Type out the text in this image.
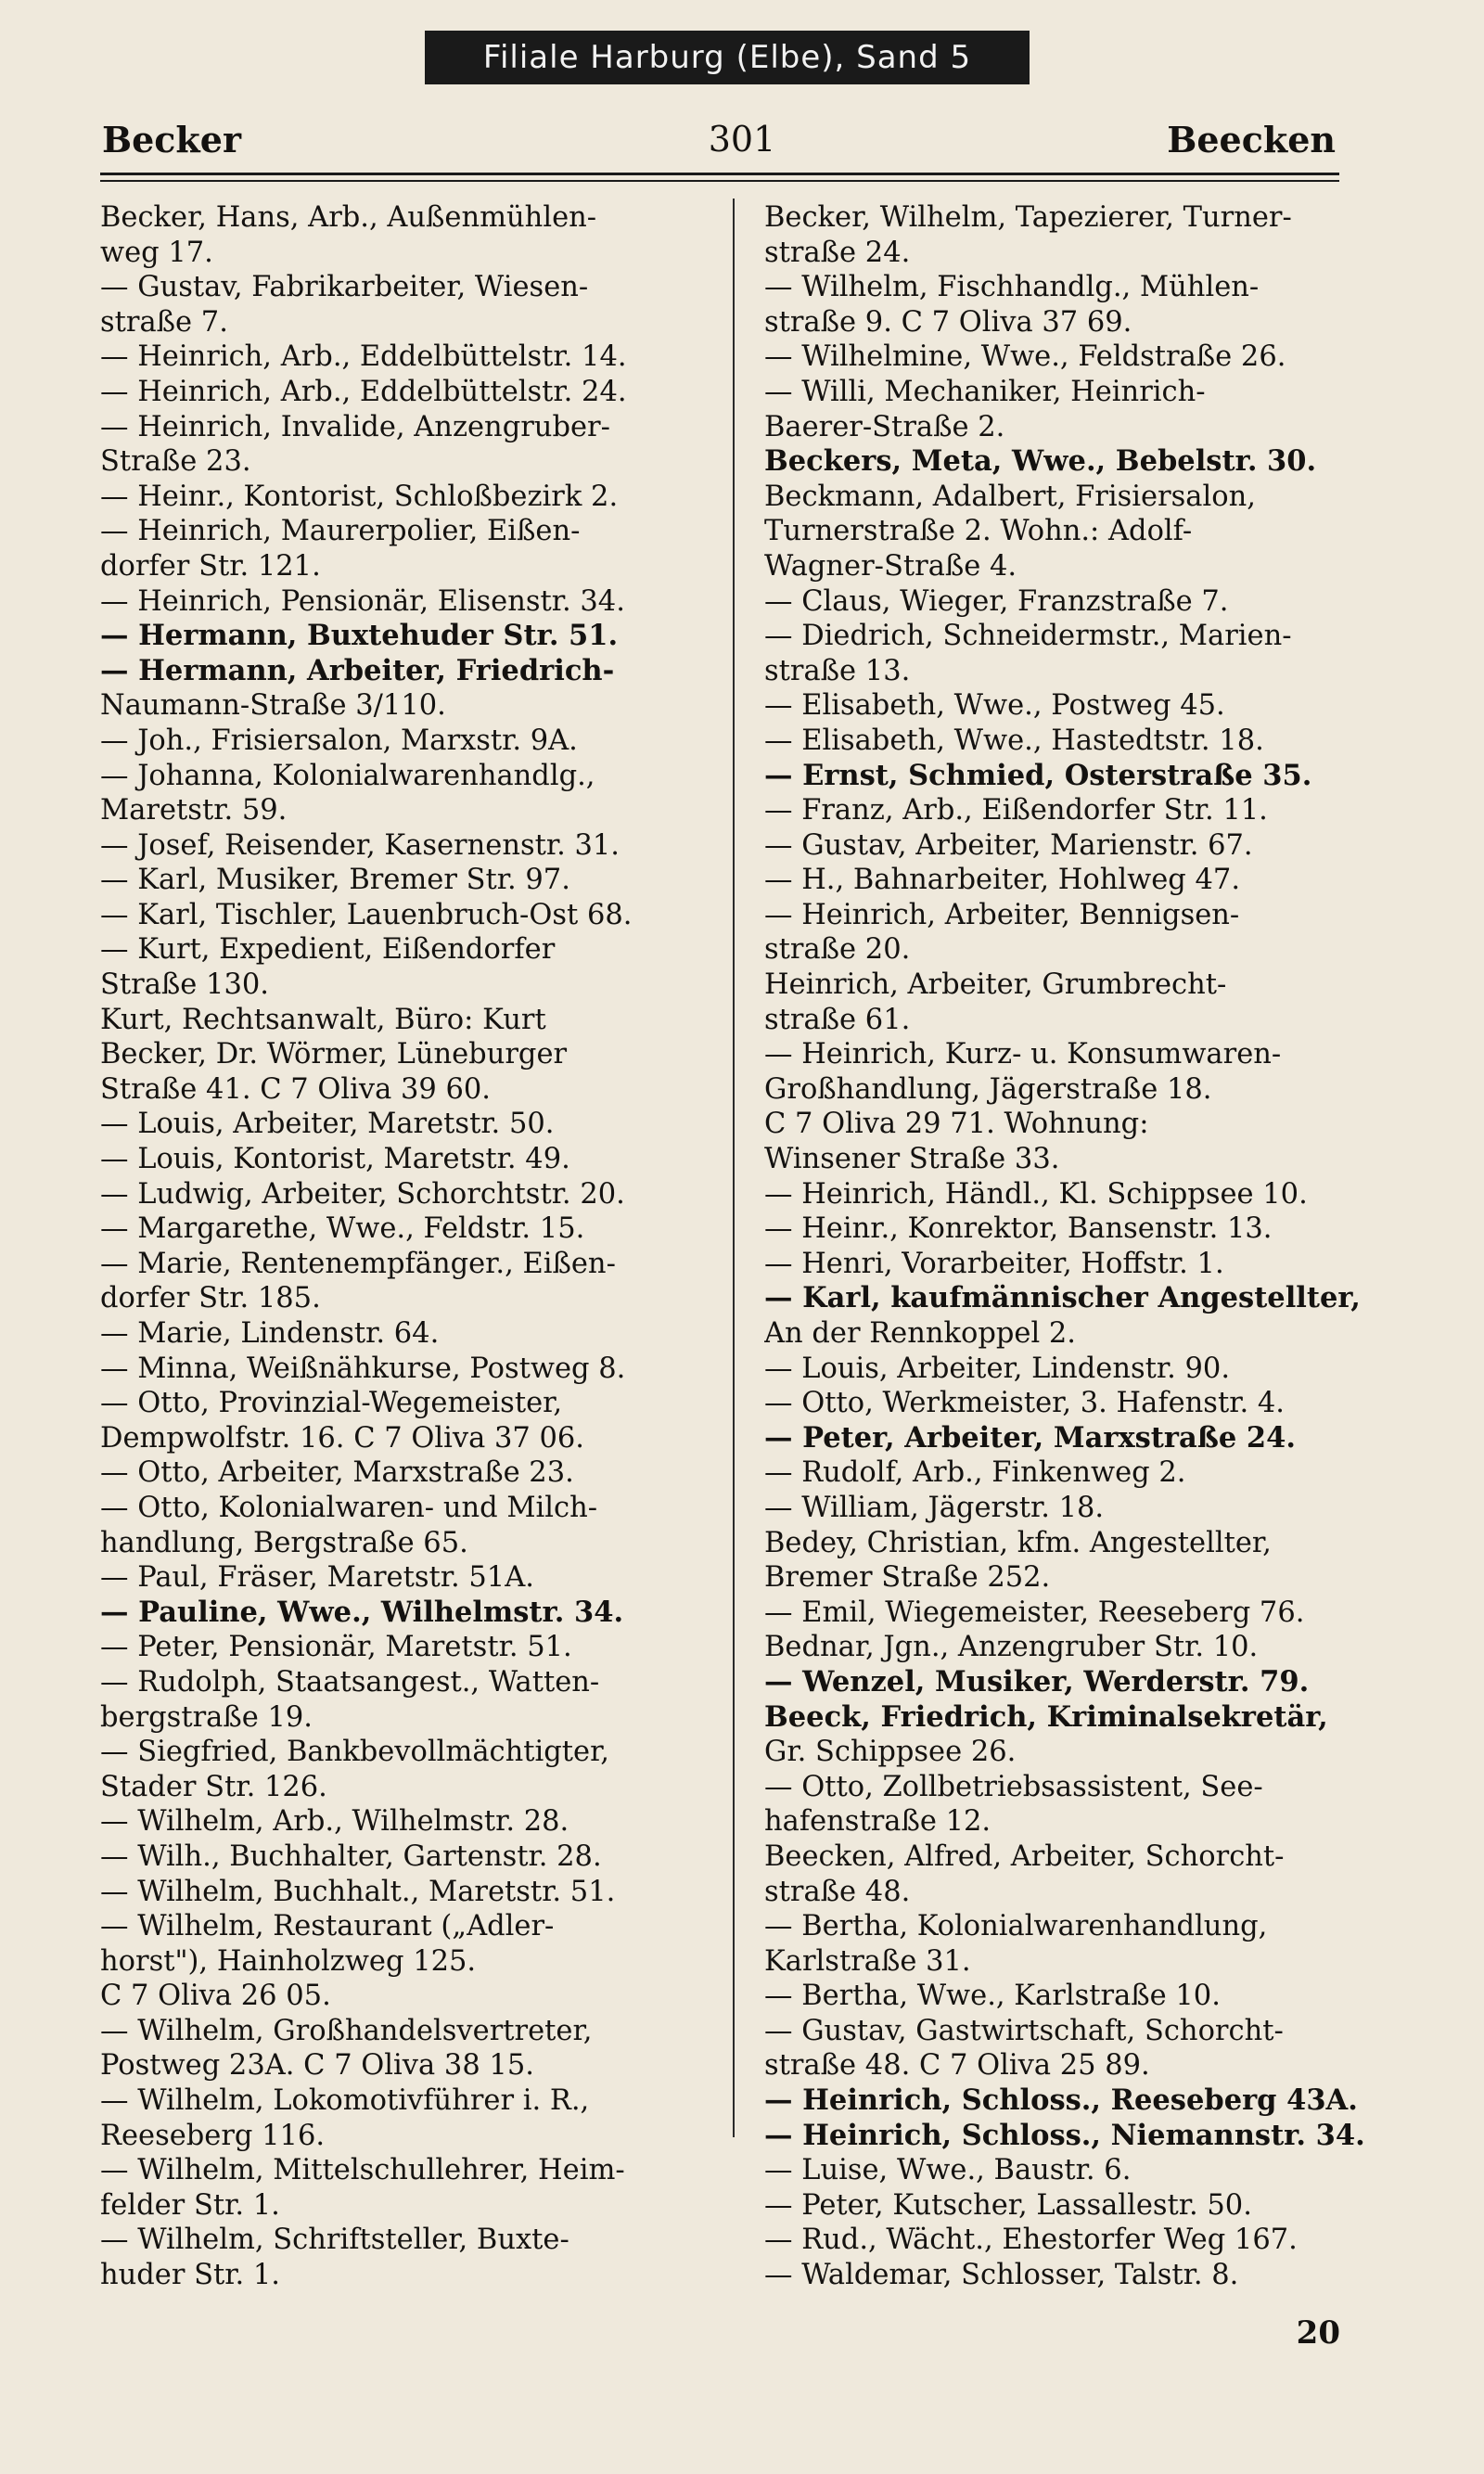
Filiale Harburg (Elbe), Sand 5
Becker	301	Beecken
Becker, Hans, Arb., Außenmühlen-
weg 17.
— Gustav, Fabrikarbeiter, Wiesen-
straße 7.
— Heinrich, Arb., Eddelbüttelstr. 14.
— Heinrich, Arb., Eddelbüttelstr. 24.
— Heinrich, Invalide, Anzengruber-
Straße 23.
— Heinr., Kontorist, Schloßbezirk 2.
— Heinrich, Maurerpolier, Eißen-
dorfer Str. 121.
— Heinrich, Pensionär, Elisenstr. 34.
— Hermann, Buxtehuder Str. 51.
— Hermann, Arbeiter, Friedrich-
Naumann-Straße 3/110.
— Joh., Frisiersalon, Marxstr. 9A.
— Johanna, Kolonialwarenhandlg.,
Maretstr. 59.
— Josef, Reisender, Kasernenstr. 31.
— Karl, Musiker, Bremer Str. 97.
— Karl, Tischler, Lauenbruch-Ost 68.
— Kurt, Expedient, Eißendorfer
Straße 130.
Kurt, Rechtsanwalt, Büro: Kurt
Becker, Dr. Wörmer, Lüneburger
Straße 41. C 7 Oliva 39 60.
— Louis, Arbeiter, Maretstr. 50.
— Louis, Kontorist, Maretstr. 49.
— Ludwig, Arbeiter, Schorchtstr. 20.
— Margarethe, Wwe., Feldstr. 15.
— Marie, Rentenempfänger., Eißen-
dorfer Str. 185.
— Marie, Lindenstr. 64.
— Minna, Weißnähkurse, Postweg 8.
— Otto, Provinzial-Wegemeister,
Dempwolfstr. 16. C 7 Oliva 37 06.
— Otto, Arbeiter, Marxstraße 23.
— Otto, Kolonialwaren- und Milch-
handlung, Bergstraße 65.
— Paul, Fräser, Maretstr. 51A.
— Pauline, Wwe., Wilhelmstr. 34.
— Peter, Pensionär, Maretstr. 51.
— Rudolph, Staatsangest., Watten-
bergstraße 19.
— Siegfried, Bankbevollmächtigter,
Stader Str. 126.
— Wilhelm, Arb., Wilhelmstr. 28.
— Wilh., Buchhalter, Gartenstr. 28.
— Wilhelm, Buchhalt., Maretstr. 51.
— Wilhelm, Restaurant („Adler-
horst"), Hainholzweg 125.
C 7 Oliva 26 05.
— Wilhelm, Großhandelsvertreter,
Postweg 23A. C 7 Oliva 38 15.
— Wilhelm, Lokomotivführer i. R.,
Reeseberg 116.
— Wilhelm, Mittelschullehrer, Heim-
felder Str. 1.
— Wilhelm, Schriftsteller, Buxte-
huder Str. 1.
Becker, Wilhelm, Tapezierer, Turner-
straße 24.
— Wilhelm, Fischhandlg., Mühlen-
straße 9. C 7 Oliva 37 69.
— Wilhelmine, Wwe., Feldstraße 26.
— Willi, Mechaniker, Heinrich-
Baerer-Straße 2.
Beckers, Meta, Wwe., Bebelstr. 30.
Beckmann, Adalbert, Frisiersalon,
Turnerstraße 2. Wohn.: Adolf-
Wagner-Straße 4.
— Claus, Wieger, Franzstraße 7.
— Diedrich, Schneidermstr., Marien-
straße 13.
— Elisabeth, Wwe., Postweg 45.
— Elisabeth, Wwe., Hastedtstr. 18.
— Ernst, Schmied, Osterstraße 35.
— Franz, Arb., Eißendorfer Str. 11.
— Gustav, Arbeiter, Marienstr. 67.
— H., Bahnarbeiter, Hohlweg 47.
— Heinrich, Arbeiter, Bennigsen-
straße 20.
Heinrich, Arbeiter, Grumbrecht-
straße 61.
— Heinrich, Kurz- u. Konsumwaren-
Großhandlung, Jägerstraße 18.
C 7 Oliva 29 71. Wohnung:
Winsener Straße 33.
— Heinrich, Händl., Kl. Schippsee 10.
— Heinr., Konrektor, Bansenstr. 13.
— Henri, Vorarbeiter, Hoffstr. 1.
— Karl, kaufmännischer Angestellter,
An der Rennkoppel 2.
— Louis, Arbeiter, Lindenstr. 90.
— Otto, Werkmeister, 3. Hafenstr. 4.
— Peter, Arbeiter, Marxstraße 24.
— Rudolf, Arb., Finkenweg 2.
— William, Jägerstr. 18.
Bedey, Christian, kfm. Angestellter,
Bremer Straße 252.
— Emil, Wiegemeister, Reeseberg 76.
Bednar, Jgn., Anzengruber Str. 10.
— Wenzel, Musiker, Werderstr. 79.
Beeck, Friedrich, Kriminalsekretär,
Gr. Schippsee 26.
— Otto, Zollbetriebsassistent, See-
hafenstraße 12.
Beecken, Alfred, Arbeiter, Schorcht-
straße 48.
— Bertha, Kolonialwarenhandlung,
Karlstraße 31.
— Bertha, Wwe., Karlstraße 10.
— Gustav, Gastwirtschaft, Schorcht-
straße 48. C 7 Oliva 25 89.
— Heinrich, Schloss., Reeseberg 43A.
— Heinrich, Schloss., Niemannstr. 34.
— Luise, Wwe., Baustr. 6.
— Peter, Kutscher, Lassallestr. 50.
— Rud., Wächt., Ehestorfer Weg 167.
— Waldemar, Schlosser, Talstr. 8.
20
